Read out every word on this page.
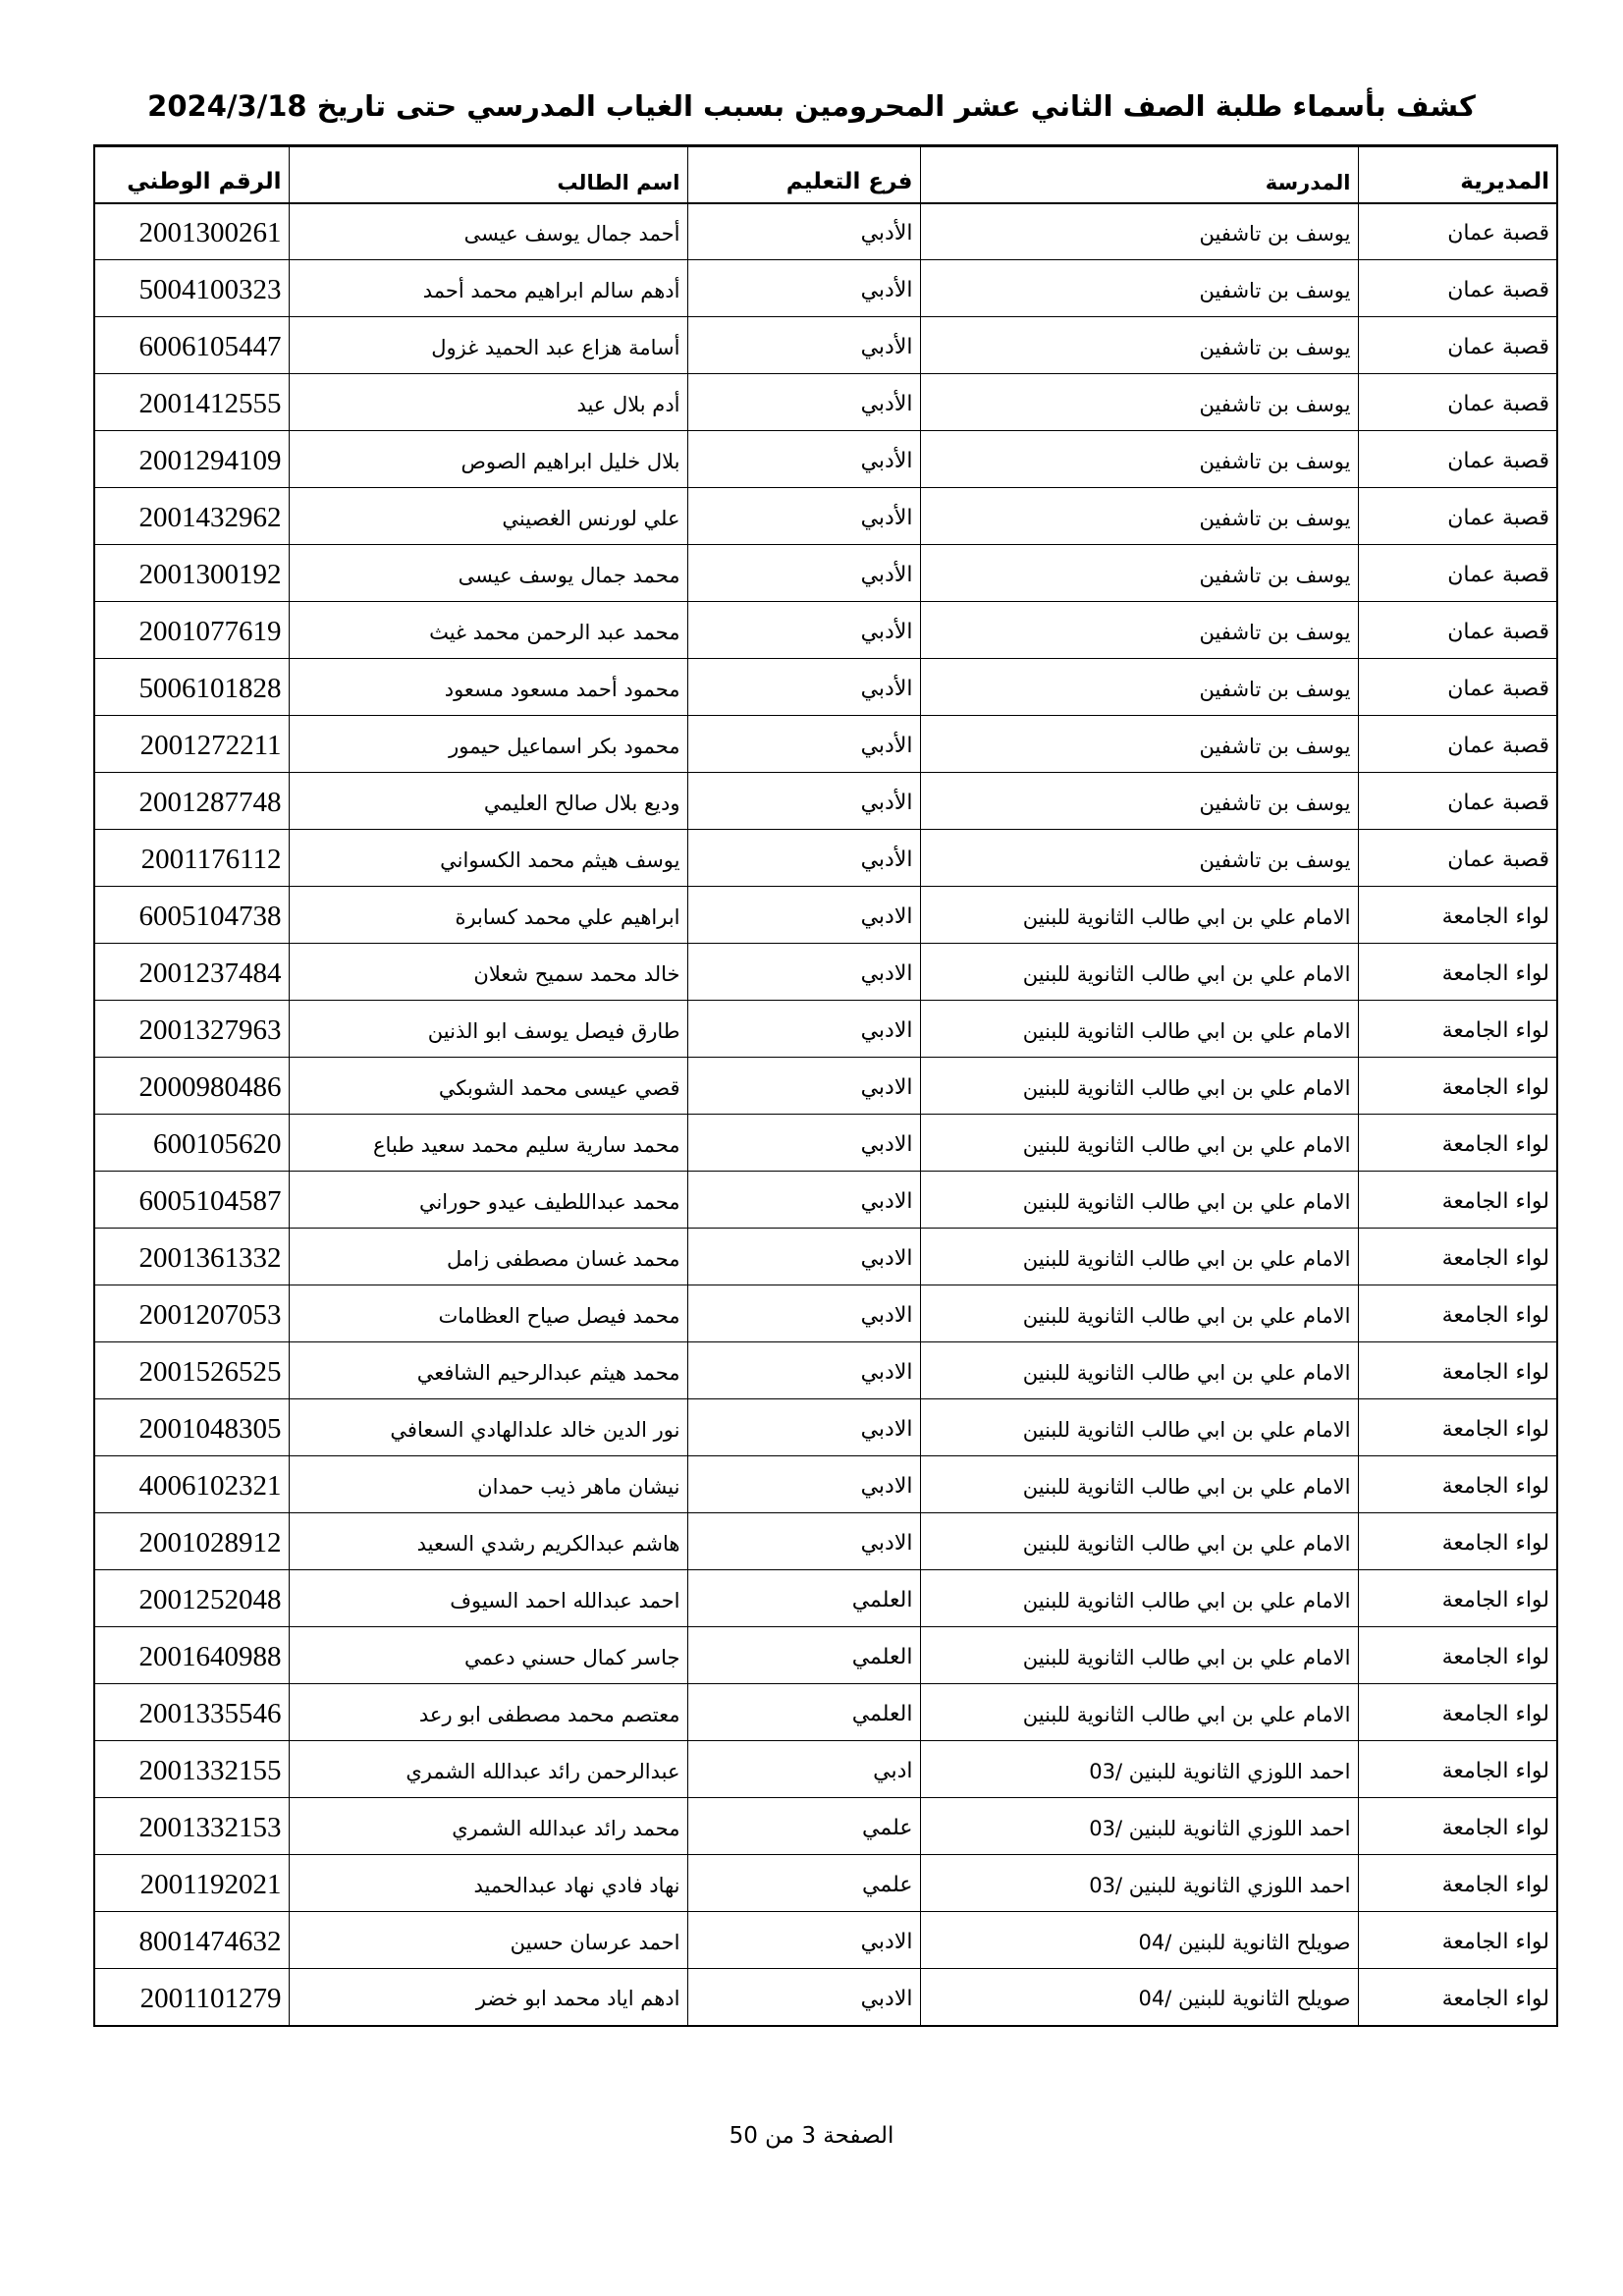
كشف بأسماء طلبة الصف الثاني عشر المحرومين بسبب الغياب المدرسي حتى تاريخ 2024/3/18
المديرية	المدرسة	فرع التعليم	اسم الطالب	الرقم الوطني
قصبة عمان	يوسف بن تاشفين	الأدبي	أحمد جمال يوسف عيسى	2001300261
قصبة عمان	يوسف بن تاشفين	الأدبي	أدهم سالم ابراهيم محمد أحمد	5004100323
قصبة عمان	يوسف بن تاشفين	الأدبي	أسامة هزاع عبد الحميد غزول	6006105447
قصبة عمان	يوسف بن تاشفين	الأدبي	أدم بلال عيد	2001412555
قصبة عمان	يوسف بن تاشفين	الأدبي	بلال خليل ابراهيم الصوص	2001294109
قصبة عمان	يوسف بن تاشفين	الأدبي	علي لورنس الغصيني	2001432962
قصبة عمان	يوسف بن تاشفين	الأدبي	محمد جمال يوسف عيسى	2001300192
قصبة عمان	يوسف بن تاشفين	الأدبي	محمد عبد الرحمن محمد غيث	2001077619
قصبة عمان	يوسف بن تاشفين	الأدبي	محمود أحمد مسعود مسعود	5006101828
قصبة عمان	يوسف بن تاشفين	الأدبي	محمود بكر اسماعيل حيمور	2001272211
قصبة عمان	يوسف بن تاشفين	الأدبي	وديع بلال صالح العليمي	2001287748
قصبة عمان	يوسف بن تاشفين	الأدبي	يوسف هيثم محمد الكسواني	2001176112
لواء الجامعة	الامام علي بن ابي طالب الثانوية للبنين	الادبي	ابراهيم علي محمد كسابرة	6005104738
لواء الجامعة	الامام علي بن ابي طالب الثانوية للبنين	الادبي	خالد محمد سميح شعلان	2001237484
لواء الجامعة	الامام علي بن ابي طالب الثانوية للبنين	الادبي	طارق فيصل يوسف ابو الذنين	2001327963
لواء الجامعة	الامام علي بن ابي طالب الثانوية للبنين	الادبي	قصي عيسى محمد الشوبكي	2000980486
لواء الجامعة	الامام علي بن ابي طالب الثانوية للبنين	الادبي	محمد سارية سليم محمد سعيد طباع	600105620
لواء الجامعة	الامام علي بن ابي طالب الثانوية للبنين	الادبي	محمد عبداللطيف عيدو حوراني	6005104587
لواء الجامعة	الامام علي بن ابي طالب الثانوية للبنين	الادبي	محمد غسان مصطفى زامل	2001361332
لواء الجامعة	الامام علي بن ابي طالب الثانوية للبنين	الادبي	محمد فيصل صياح العظامات	2001207053
لواء الجامعة	الامام علي بن ابي طالب الثانوية للبنين	الادبي	محمد هيثم عبدالرحيم الشافعي	2001526525
لواء الجامعة	الامام علي بن ابي طالب الثانوية للبنين	الادبي	نور الدين خالد علدالهادي السعافي	2001048305
لواء الجامعة	الامام علي بن ابي طالب الثانوية للبنين	الادبي	نيشان ماهر ذيب حمدان	4006102321
لواء الجامعة	الامام علي بن ابي طالب الثانوية للبنين	الادبي	هاشم عبدالكريم رشدي السعيد	2001028912
لواء الجامعة	الامام علي بن ابي طالب الثانوية للبنين	العلمي	احمد عبدالله احمد السيوف	2001252048
لواء الجامعة	الامام علي بن ابي طالب الثانوية للبنين	العلمي	جاسر كمال حسني دعمي	2001640988
لواء الجامعة	الامام علي بن ابي طالب الثانوية للبنين	العلمي	معتصم محمد مصطفى ابو رعد	2001335546
لواء الجامعة	احمد اللوزي الثانوية للبنين /03	ادبي	عبدالرحمن رائد عبدالله الشمري	2001332155
لواء الجامعة	احمد اللوزي الثانوية للبنين /03	علمي	محمد رائد عبدالله الشمري	2001332153
لواء الجامعة	احمد اللوزي الثانوية للبنين /03	علمي	نهاد فادي نهاد عبدالحميد	2001192021
لواء الجامعة	صويلح الثانوية للبنين /04	الادبي	احمد عرسان حسين	8001474632
لواء الجامعة	صويلح الثانوية للبنين /04	الادبي	ادهم اياد محمد ابو خضر	2001101279
الصفحة 3 من 50
